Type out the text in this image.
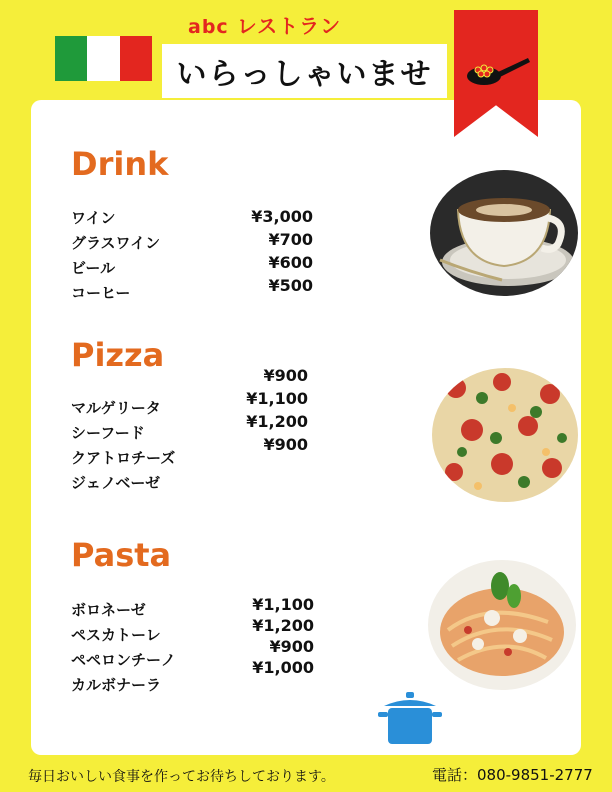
abc レストラン
いらっしゃいませ
Drink
ワイン
グラスワイン
ビール
コーヒー
¥3,000
¥700
¥600
¥500
Pizza
マルゲリータ
シーフード
クアトロチーズ
ジェノベーゼ
¥900
¥1,100
¥1,200
¥900
Pasta
ボロネーゼ
ペスカトーレ
ペペロンチーノ
カルボナーラ
¥1,100
¥1,200
¥900
¥1,000
毎日おいしい食事を作ってお待ちしております。	電話：080-9851-2777
